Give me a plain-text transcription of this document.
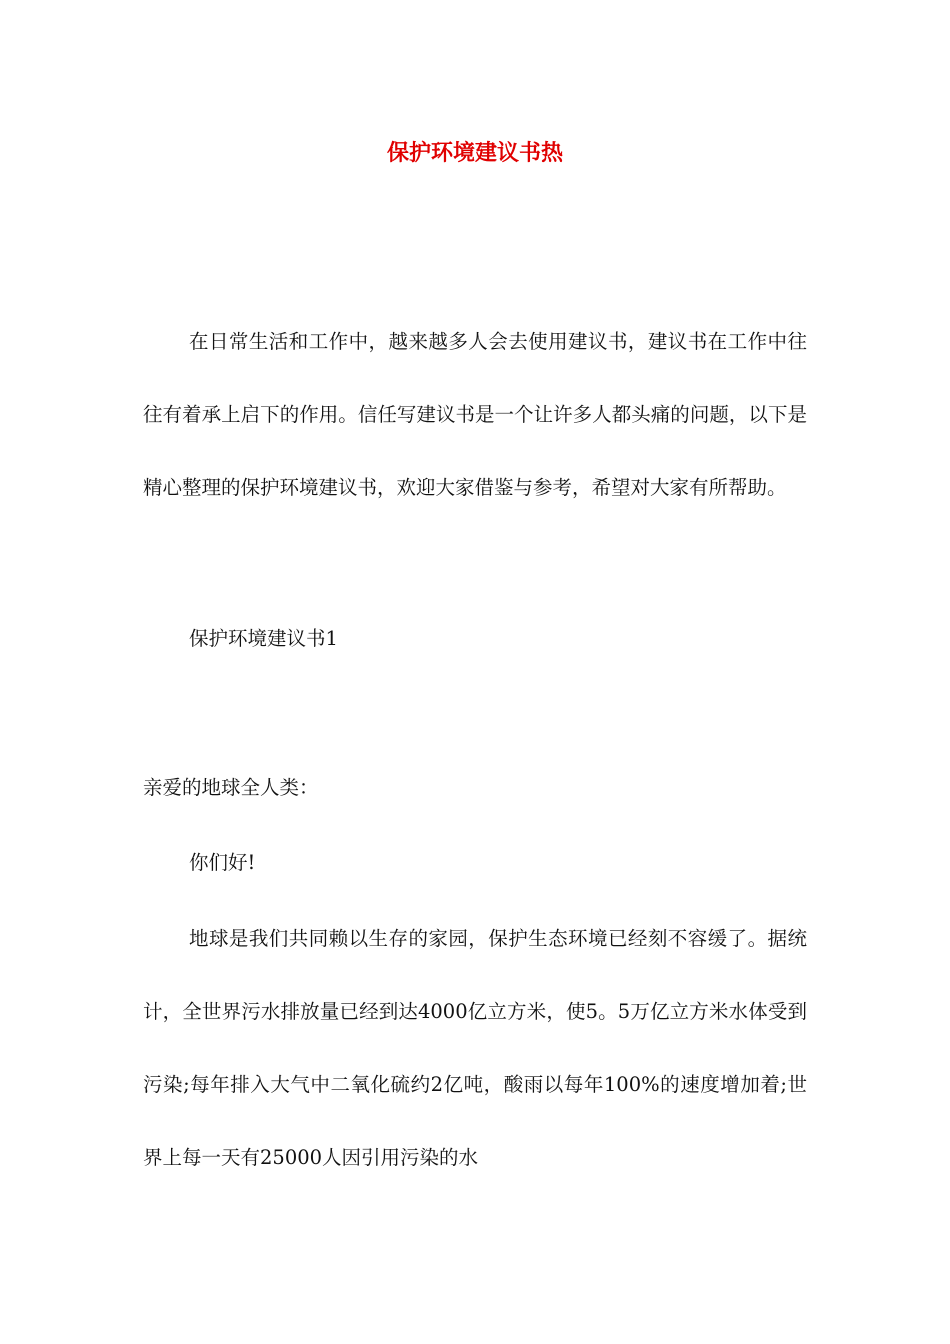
保护环境建议书热

在日常生活和工作中，越来越多人会去使用建议书，建议书在工作中往往有着承上启下的作用。信任写建议书是一个让许多人都头痛的问题，以下是精心整理的保护环境建议书，欢迎大家借鉴与参考，希望对大家有所帮助。

保护环境建议书1

亲爱的地球全人类：

你们好!

地球是我们共同赖以生存的家园，保护生态环境已经刻不容缓了。据统计，全世界污水排放量已经到达4000亿立方米，使5。5万亿立方米水体受到污染;每年排入大气中二氧化硫约2亿吨，酸雨以每年100%的速度增加着;世界上每一天有25000人因引用污染的水
